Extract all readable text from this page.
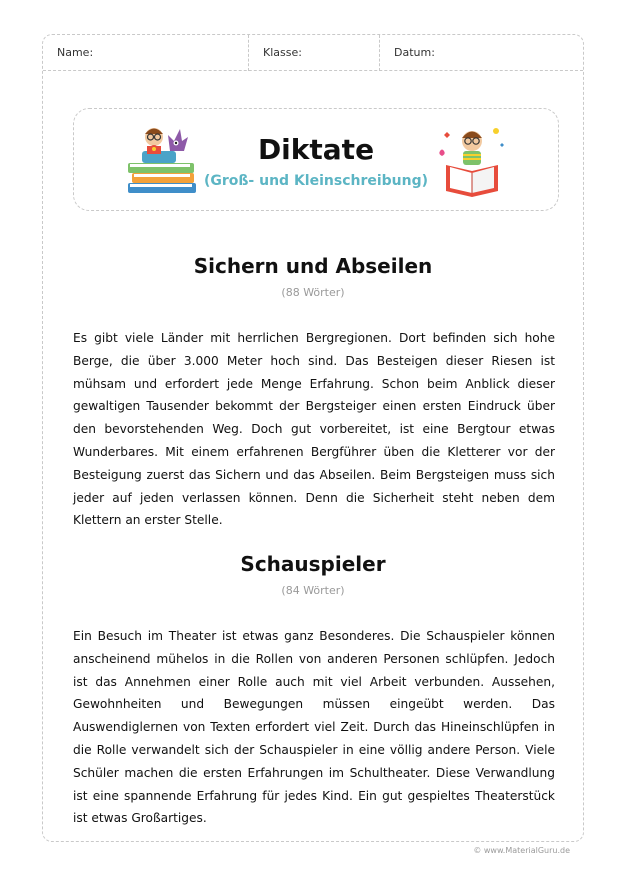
Name:	Klasse:	Datum:
Diktate
(Groß- und Kleinschreibung)
Sichern und Abseilen
(88 Wörter)

Es gibt viele Länder mit herrlichen Bergregionen. Dort befinden sich hohe Berge, die über 3.000 Meter hoch sind. Das Besteigen dieser Riesen ist mühsam und erfordert jede Menge Erfahrung. Schon beim Anblick dieser gewaltigen Tausender bekommt der Bergsteiger einen ersten Eindruck über den bevorstehenden Weg. Doch gut vorbereitet, ist eine Bergtour etwas Wunderbares. Mit einem erfahrenen Bergführer üben die Kletterer vor der Besteigung zuerst das Sichern und das Abseilen. Beim Bergsteigen muss sich jeder auf jeden verlassen können. Denn die Sicherheit steht neben dem Klettern an erster Stelle.

Schauspieler
(84 Wörter)

Ein Besuch im Theater ist etwas ganz Besonderes. Die Schauspieler können anscheinend mühelos in die Rollen von anderen Personen schlüpfen. Jedoch ist das Annehmen einer Rolle auch mit viel Arbeit verbunden. Aussehen, Gewohnheiten und Bewegungen müssen eingeübt werden. Das Auswendiglernen von Texten erfordert viel Zeit. Durch das Hineinschlüpfen in die Rolle verwandelt sich der Schauspieler in eine völlig andere Person. Viele Schüler machen die ersten Erfahrungen im Schultheater. Diese Verwandlung ist eine spannende Erfahrung für jedes Kind. Ein gut gespieltes Theaterstück ist etwas Großartiges.

© www.MaterialGuru.de
